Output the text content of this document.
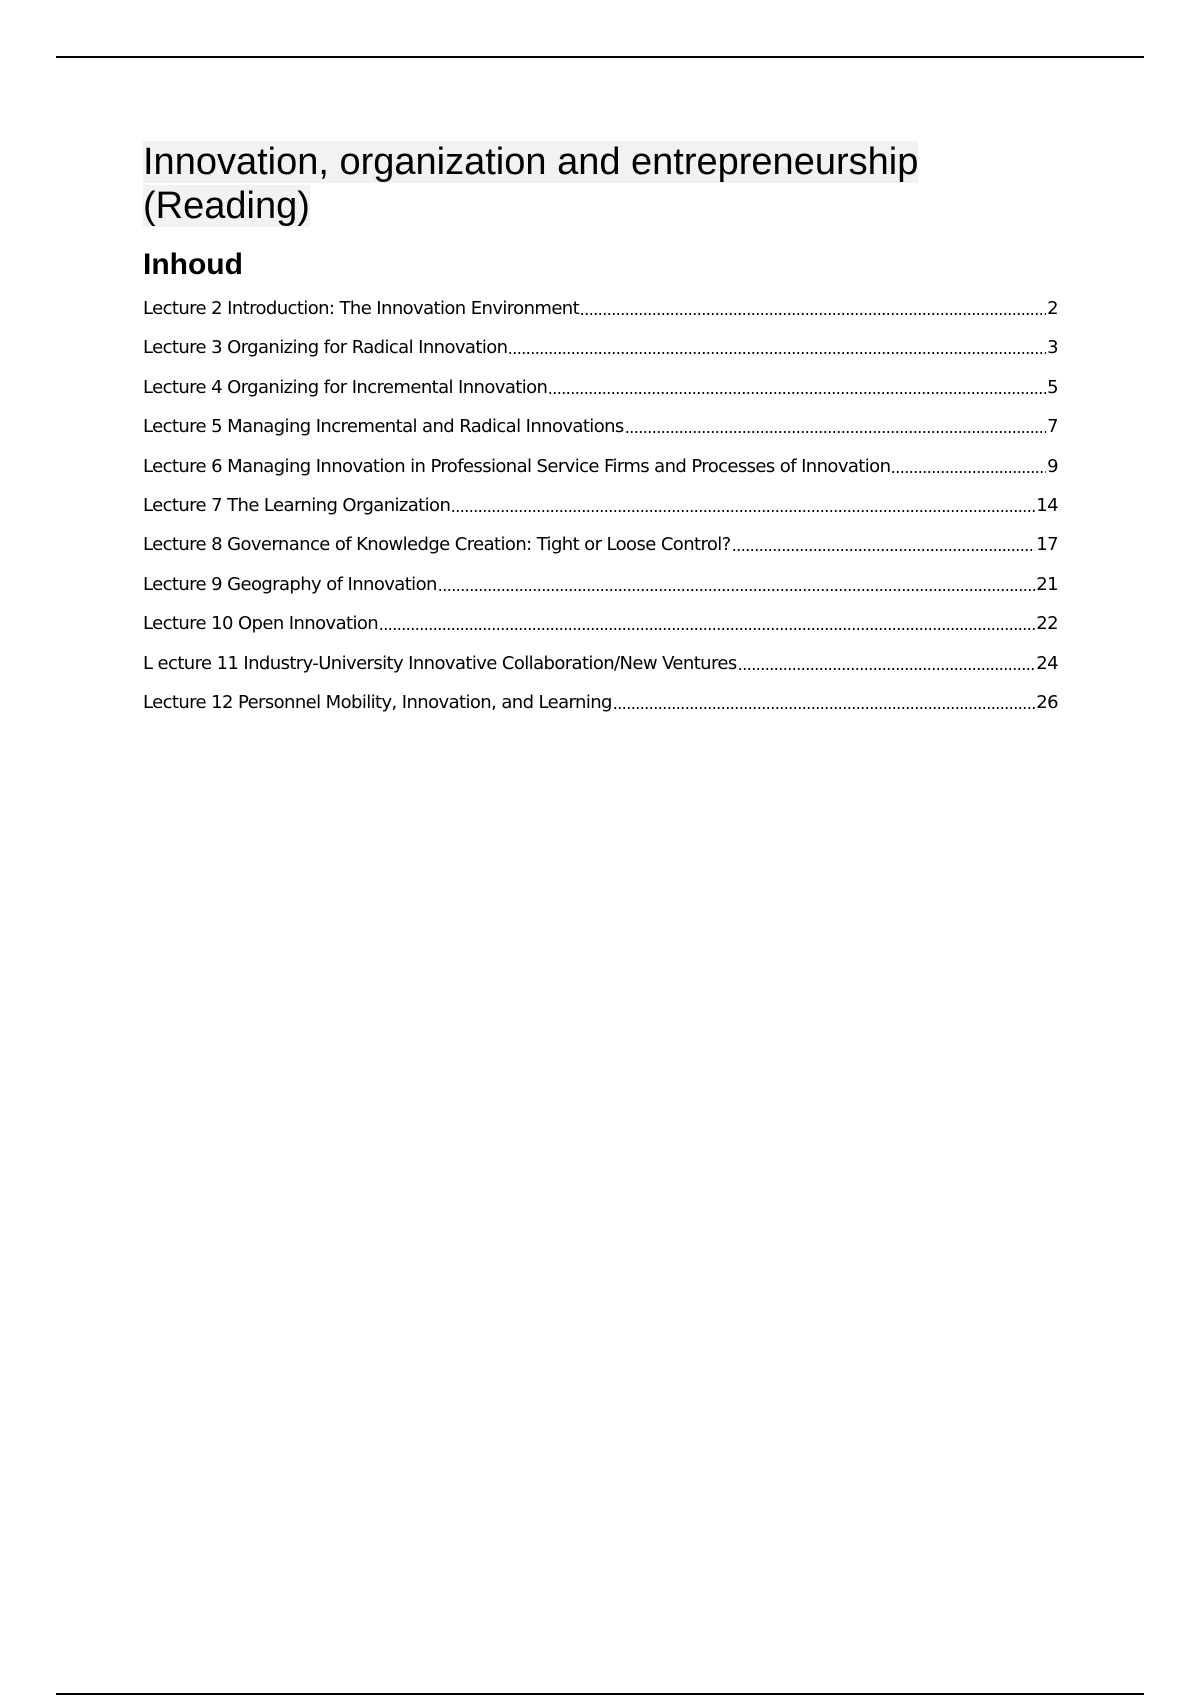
Innovation, organization and entrepreneurship
(Reading)
Inhoud
Lecture 2 Introduction: The Innovation Environment	2
Lecture 3 Organizing for Radical Innovation	3
Lecture 4 Organizing for Incremental Innovation	5
Lecture 5 Managing Incremental and Radical Innovations	7
Lecture 6 Managing Innovation in Professional Service Firms and Processes of Innovation	9
Lecture 7 The Learning Organization	14
Lecture 8 Governance of Knowledge Creation: Tight or Loose Control?	17
Lecture 9 Geography of Innovation	21
Lecture 10 Open Innovation	22
L ecture 11 Industry-University Innovative Collaboration/New Ventures	24
Lecture 12 Personnel Mobility, Innovation, and Learning	26
